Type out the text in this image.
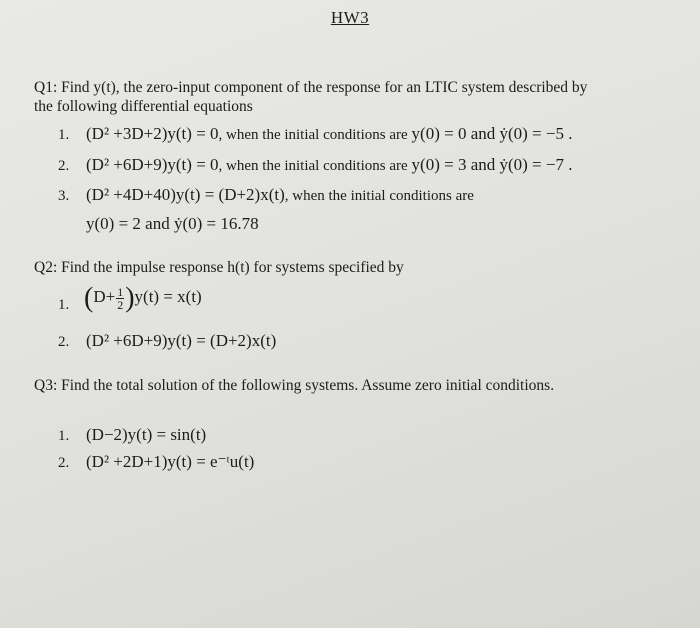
HW3
Q1: Find y(t), the zero-input component of the response for an LTIC system described by
the following differential equations
1. (D² +3D+2)y(t) = 0, when the initial conditions are y(0) = 0 and ẏ(0) = −5 .
2. (D² +6D+9)y(t) = 0, when the initial conditions are y(0) = 3 and ẏ(0) = −7 .
3. (D² +4D+40)y(t) = (D+2)x(t), when the initial conditions are
y(0) = 2 and ẏ(0) = 16.78
Q2: Find the impulse response h(t) for systems specified by
1. $(D+ \frac{1}{2} )y(t) = x(t)$
2. (D² +6D+9)y(t) = (D+2)x(t)
Q3: Find the total solution of the following systems. Assume zero initial conditions.
1. (D−2)y(t) = sin(t)
2. (D² +2D+1)y(t) = e⁻ᵗu(t)
